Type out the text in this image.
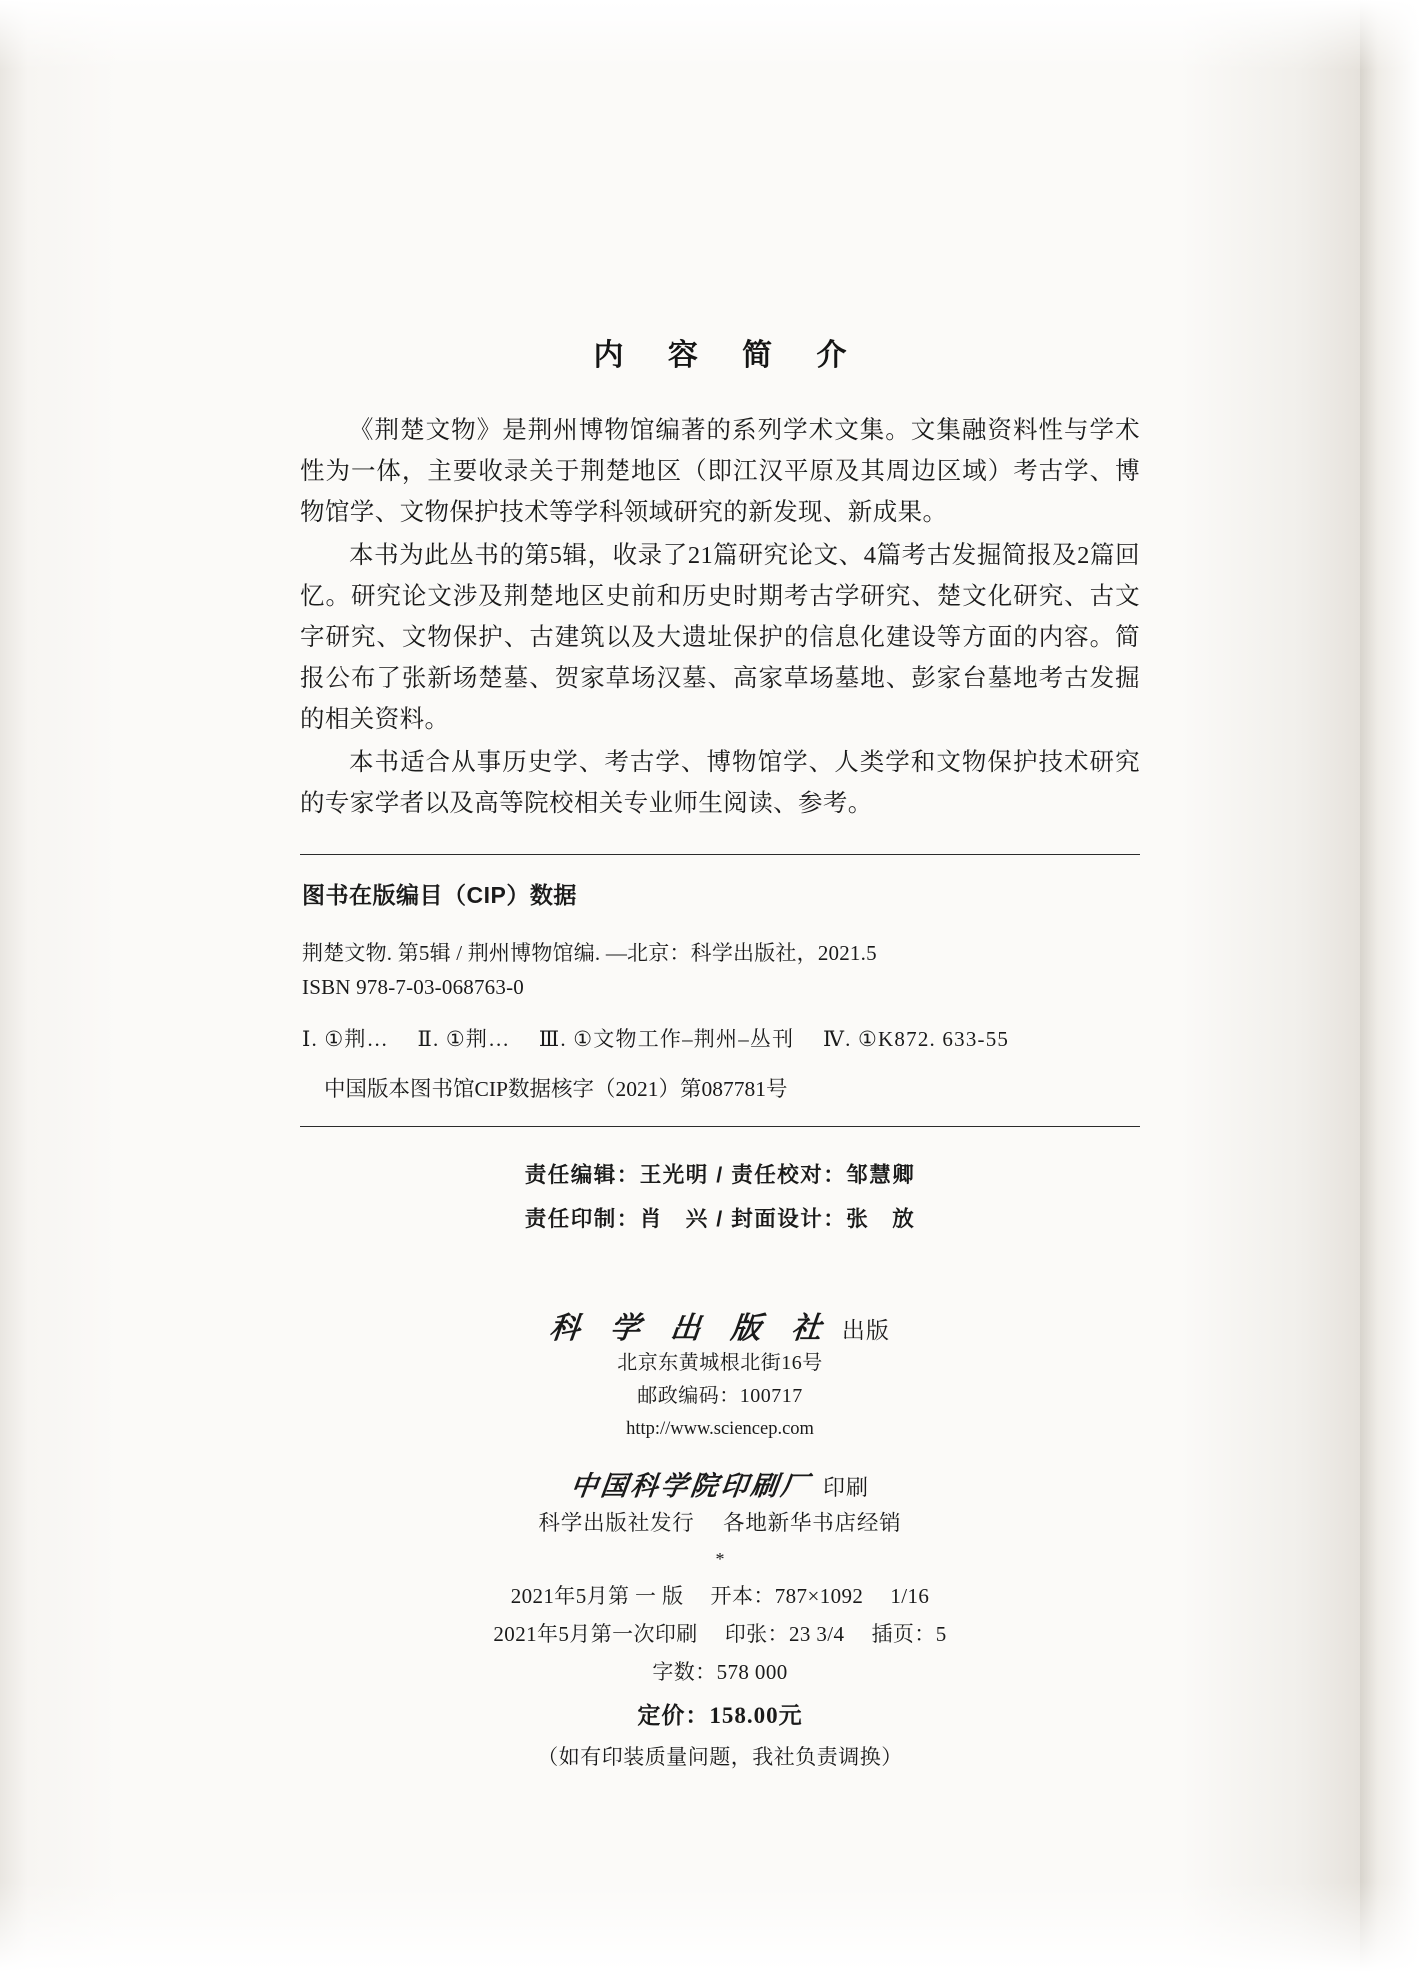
内 容 简 介

《荆楚文物》是荆州博物馆编著的系列学术文集。文集融资料性与学术性为一体，主要收录关于荆楚地区（即江汉平原及其周边区域）考古学、博物馆学、文物保护技术等学科领域研究的新发现、新成果。

本书为此丛书的第5辑，收录了21篇研究论文、4篇考古发掘简报及2篇回忆。研究论文涉及荆楚地区史前和历史时期考古学研究、楚文化研究、古文字研究、文物保护、古建筑以及大遗址保护的信息化建设等方面的内容。简报公布了张新场楚墓、贺家草场汉墓、高家草场墓地、彭家台墓地考古发掘的相关资料。

本书适合从事历史学、考古学、博物馆学、人类学和文物保护技术研究的专家学者以及高等院校相关专业师生阅读、参考。

图书在版编目（CIP）数据
荆楚文物. 第5辑 / 荆州博物馆编. —北京：科学出版社，2021.5
ISBN 978-7-03-068763-0
Ⅰ. ①荆…　 Ⅱ. ①荆…　 Ⅲ. ①文物工作–荆州–丛刊　 Ⅳ. ①K872. 633-55
中国版本图书馆CIP数据核字（2021）第087781号
责任编辑：王光明 / 责任校对：邹慧卿
责任印制：肖　兴 / 封面设计：张　放
科 学 出 版 社 出版
北京东黄城根北街16号
邮政编码：100717
http://www.sciencep.com
中国科学院印刷厂 印刷
科学出版社发行　 各地新华书店经销
*
2021年5月第 一 版　 开本：787×1092　 1/16
2021年5月第一次印刷　 印张：23 3/4　 插页：5
字数：578 000
定价：158.00元
（如有印装质量问题，我社负责调换）
